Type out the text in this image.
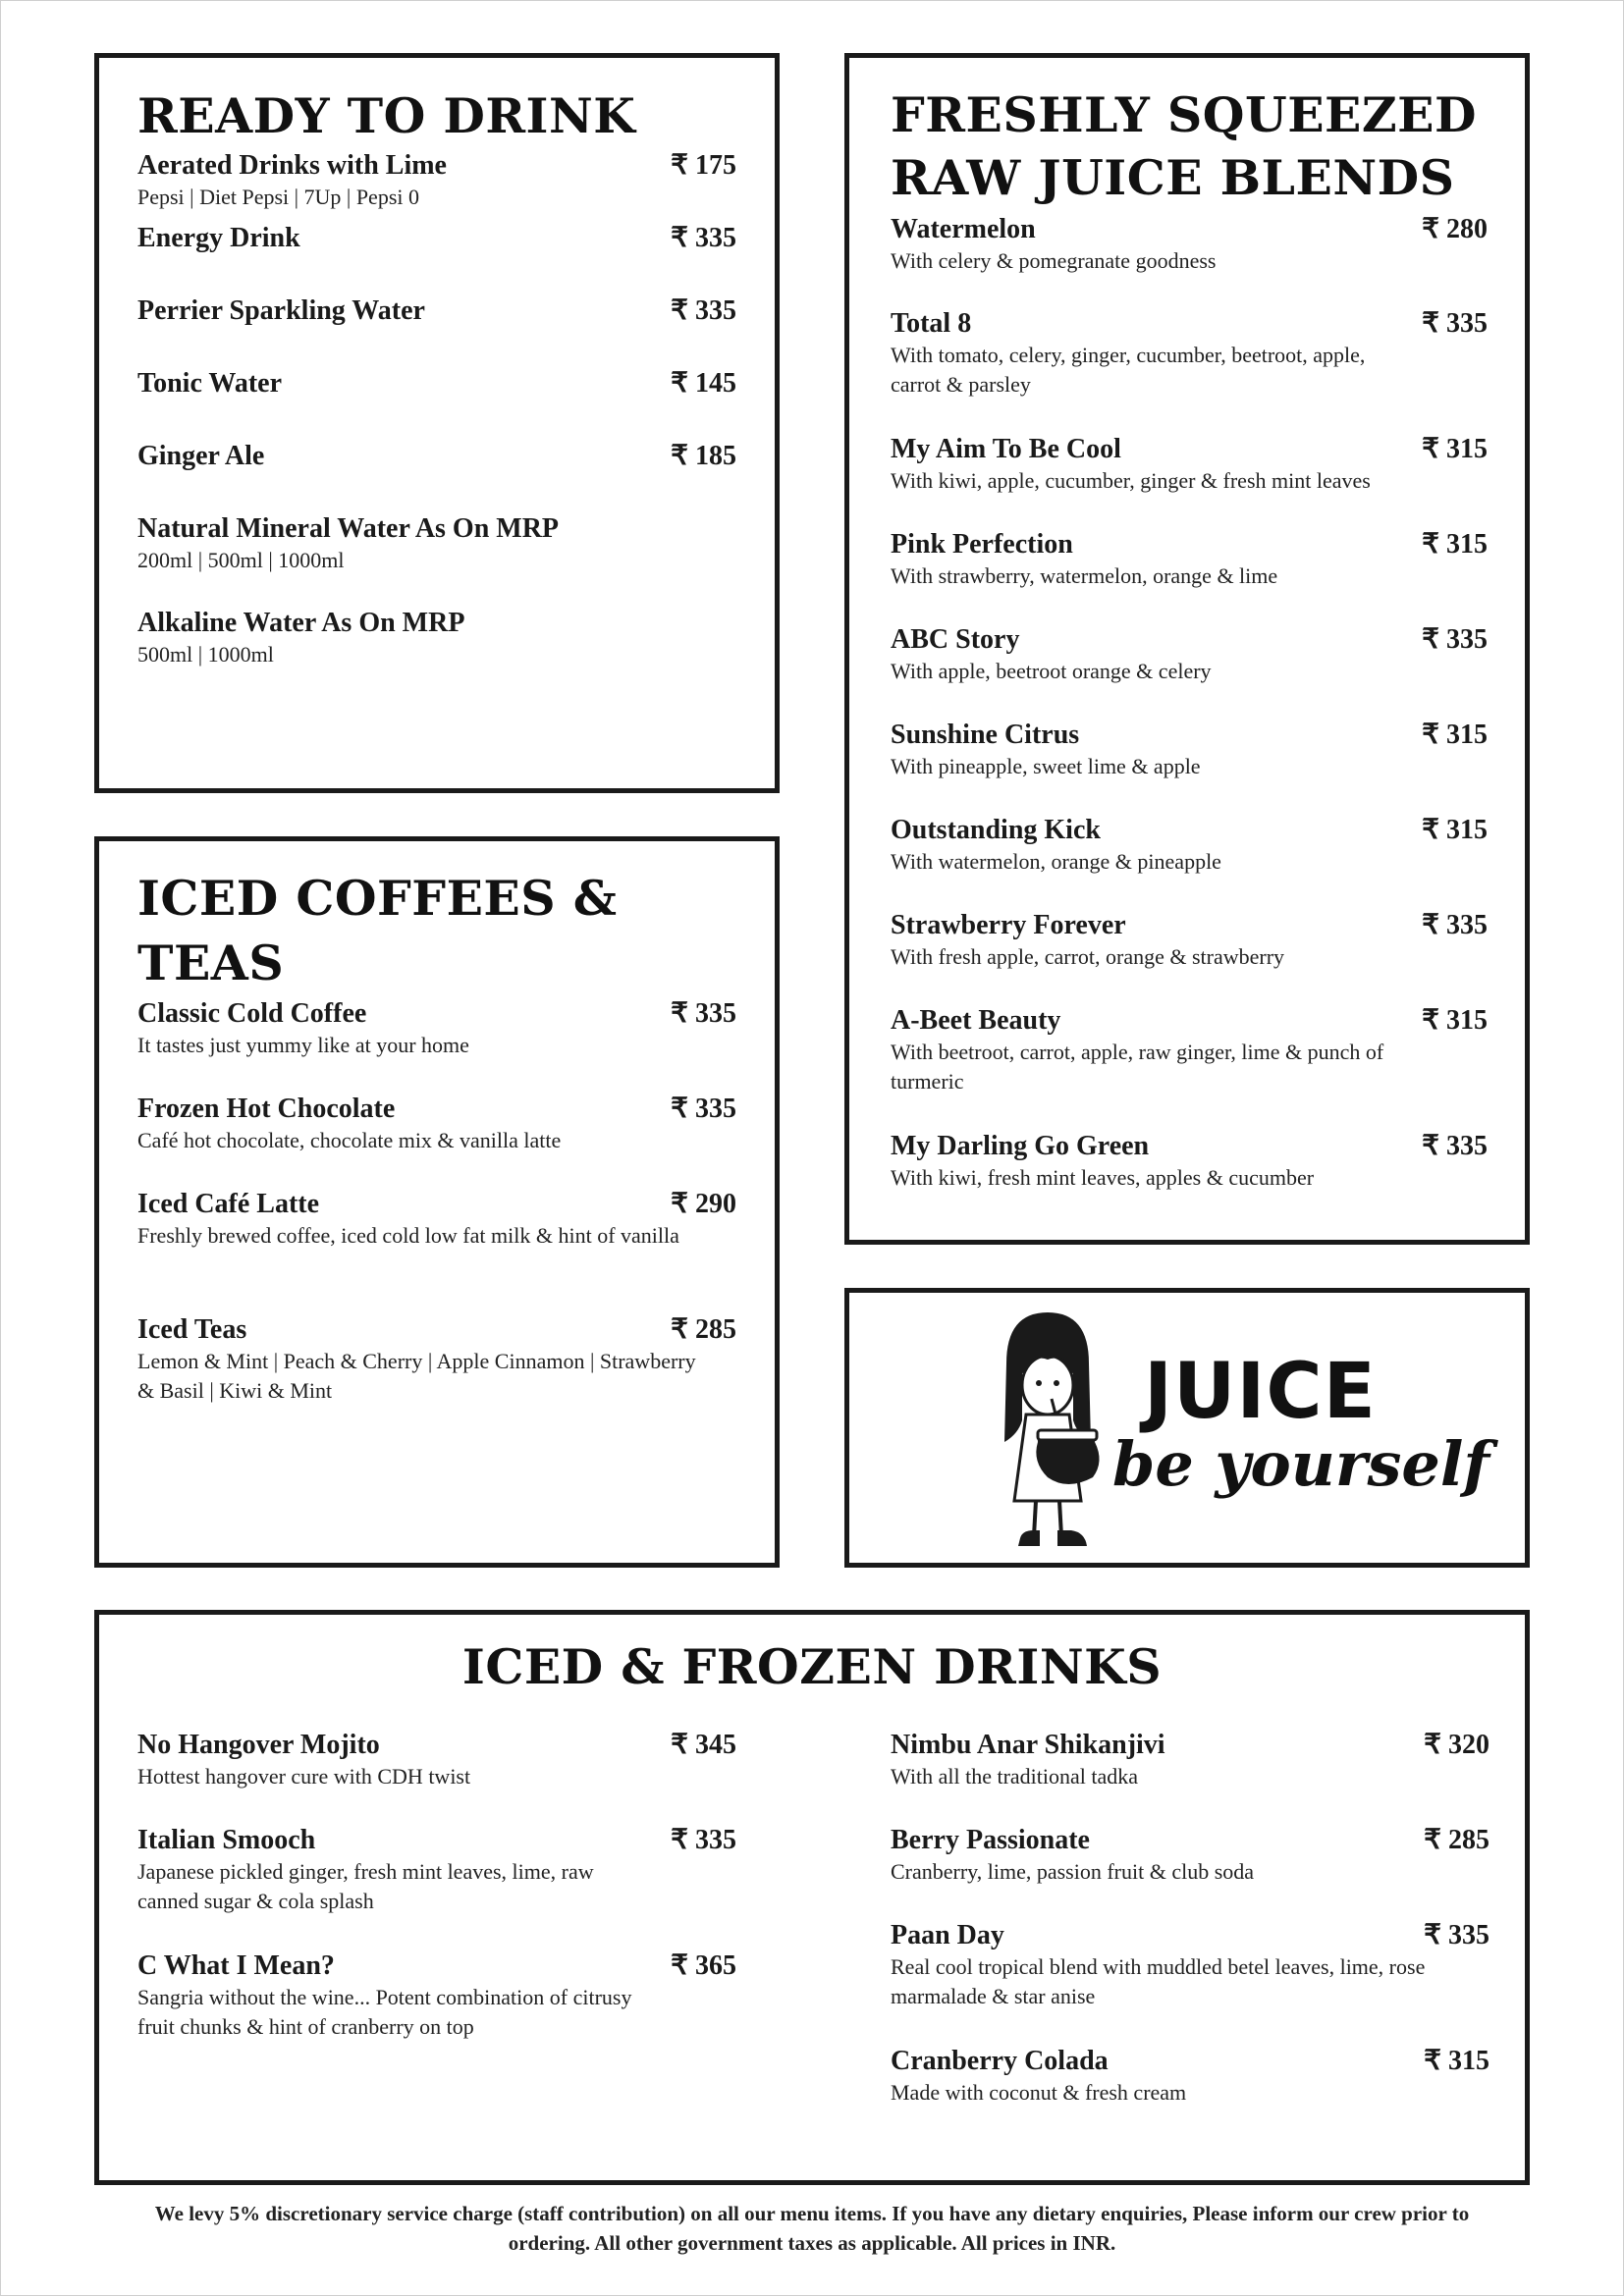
READY TO DRINK
Aerated Drinks with Lime	₹ 175
Pepsi | Diet Pepsi | 7Up | Pepsi 0
Energy Drink	₹ 335
Perrier Sparkling Water	₹ 335
Tonic Water	₹ 145
Ginger Ale	₹ 185
Natural Mineral Water As On MRP
200ml | 500ml | 1000ml
Alkaline Water As On MRP
500ml | 1000ml
ICED COFFEES &
TEAS
Classic Cold Coffee	₹ 335
It tastes just yummy like at your home
Frozen Hot Chocolate	₹ 335
Café hot chocolate, chocolate mix & vanilla latte
Iced Café Latte	₹ 290
Freshly brewed coffee, iced cold low fat milk & hint of vanilla
Iced Teas	₹ 285
Lemon & Mint | Peach & Cherry | Apple Cinnamon | Strawberry & Basil | Kiwi & Mint
FRESHLY SQUEEZED
RAW JUICE BLENDS
Watermelon	₹ 280
With celery & pomegranate goodness
Total 8	₹ 335
With tomato, celery, ginger, cucumber, beetroot, apple, carrot & parsley
My Aim To Be Cool	₹ 315
With kiwi, apple, cucumber, ginger & fresh mint leaves
Pink Perfection	₹ 315
With strawberry, watermelon, orange & lime
ABC Story	₹ 335
With apple, beetroot orange & celery
Sunshine Citrus	₹ 315
With pineapple, sweet lime & apple
Outstanding Kick	₹ 315
With watermelon, orange & pineapple
Strawberry Forever	₹ 335
With fresh apple, carrot, orange & strawberry
A-Beet Beauty	₹ 315
With beetroot, carrot, apple, raw ginger, lime & punch of turmeric
My Darling Go Green	₹ 335
With kiwi, fresh mint leaves, apples & cucumber
JUICE
be yourself
ICED & FROZEN DRINKS
No Hangover Mojito	₹ 345
Hottest hangover cure with CDH twist
Italian Smooch	₹ 335
Japanese pickled ginger, fresh mint leaves, lime, raw canned sugar & cola splash
C What I Mean?	₹ 365
Sangria without the wine... Potent combination of citrusy fruit chunks & hint of cranberry on top
Nimbu Anar Shikanjivi	₹ 320
With all the traditional tadka
Berry Passionate	₹ 285
Cranberry, lime, passion fruit & club soda
Paan Day	₹ 335
Real cool tropical blend with muddled betel leaves, lime, rose marmalade & star anise
Cranberry Colada	₹ 315
Made with coconut & fresh cream
We levy 5% discretionary service charge (staff contribution) on all our menu items. If you have any dietary enquiries, Please inform our crew prior to ordering. All other government taxes as applicable. All prices in INR.
